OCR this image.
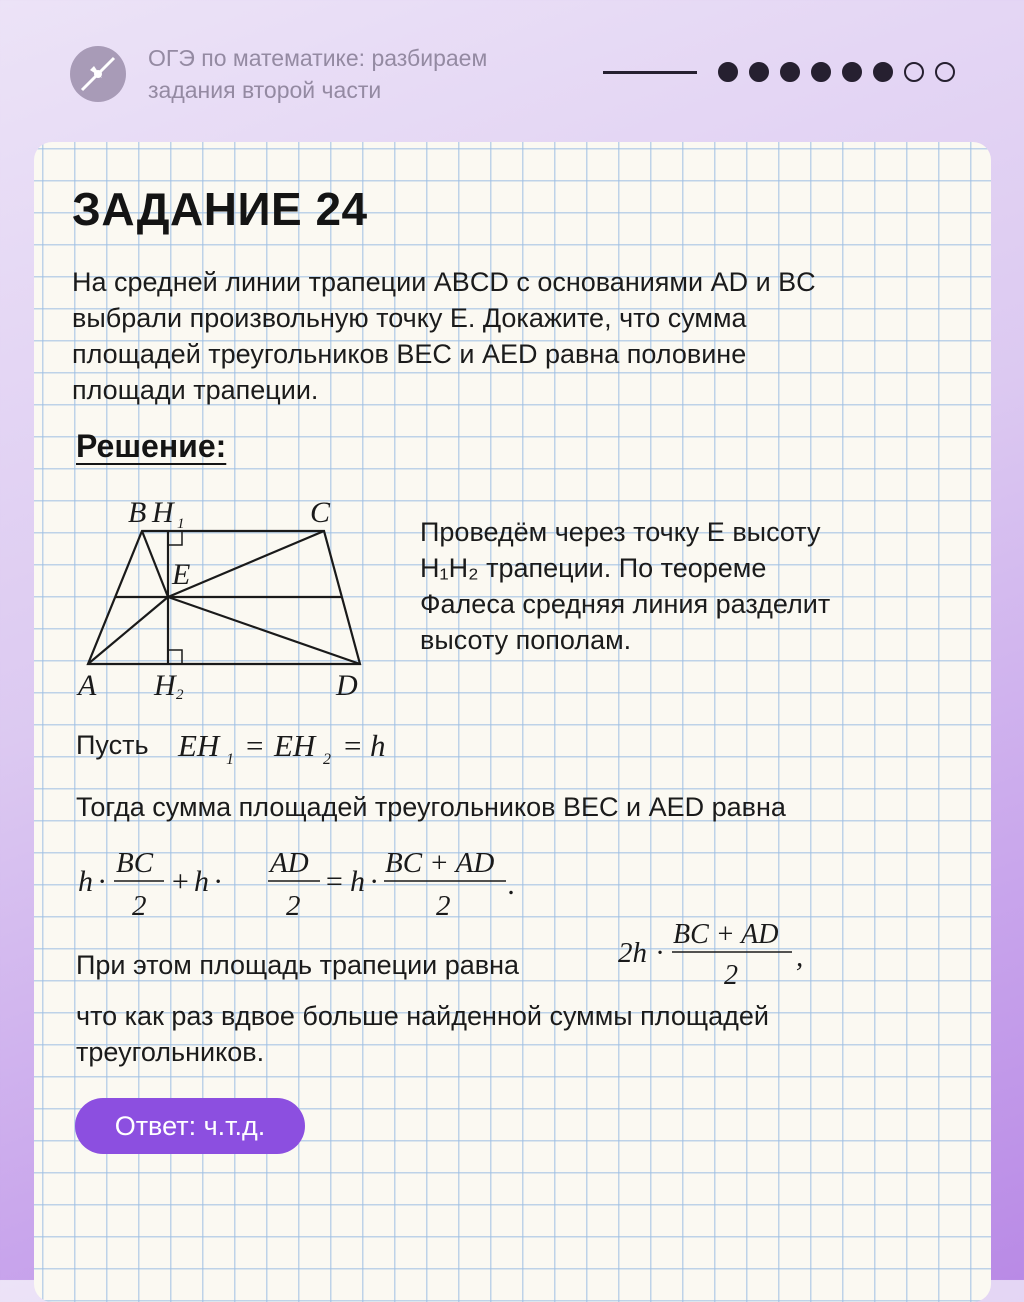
ОГЭ по математике: разбираем
задания второй части
ЗАДАНИЕ 24
На средней линии трапеции ABCD с основаниями AD и BC
выбрали произвольную точку E. Докажите, что сумма
площадей треугольников BEC и AED равна половине
площади трапеции.
Решение:
B H 1	C
E
A H 2	D
Проведём через точку E высоту
H₁H₂ трапеции. По теореме
Фалеса средняя линия разделит
высоту пополам.
Пусть EH 1 = EH 2 = h
Тогда сумма площадей треугольников BEC и AED равна
h ·
BC
2
+ h ·
AD
2
= h ·
BC + AD
2
.
При этом площадь трапеции равна	2h ·
BC + AD
2
,
что как раз вдвое больше найденной суммы площадей
треугольников.
Ответ: ч.т.д.
